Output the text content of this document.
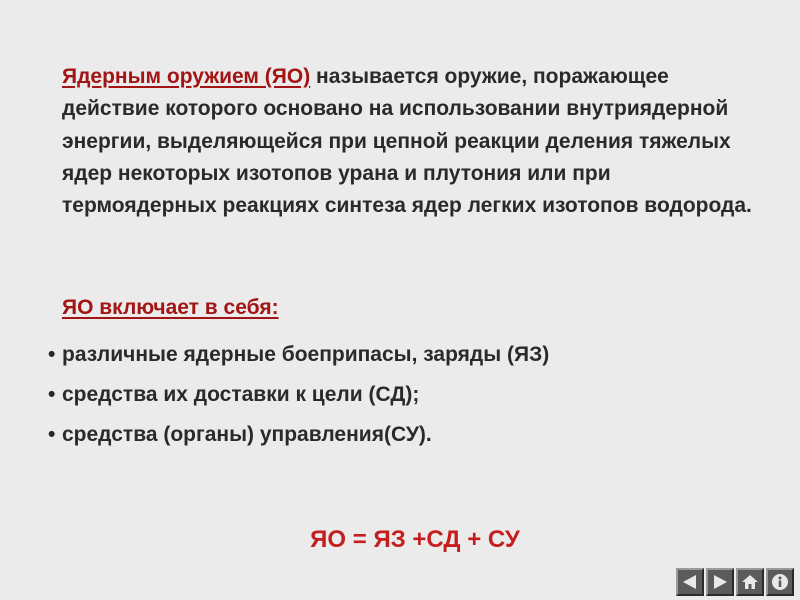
Ядерным оружием (ЯО) называется оружие, поражающее действие которого основано на использовании внутриядерной энергии, выделяющейся при цепной реакции деления тяжелых ядер некоторых изотопов урана и плутония или при термоядерных реакциях синтеза ядер легких изотопов водорода.

ЯО включает в себя:
• различные ядерные боеприпасы, заряды (ЯЗ)
• средства их доставки к цели (СД);
• средства (органы) управления(СУ).
ЯО = ЯЗ +СД + СУ
